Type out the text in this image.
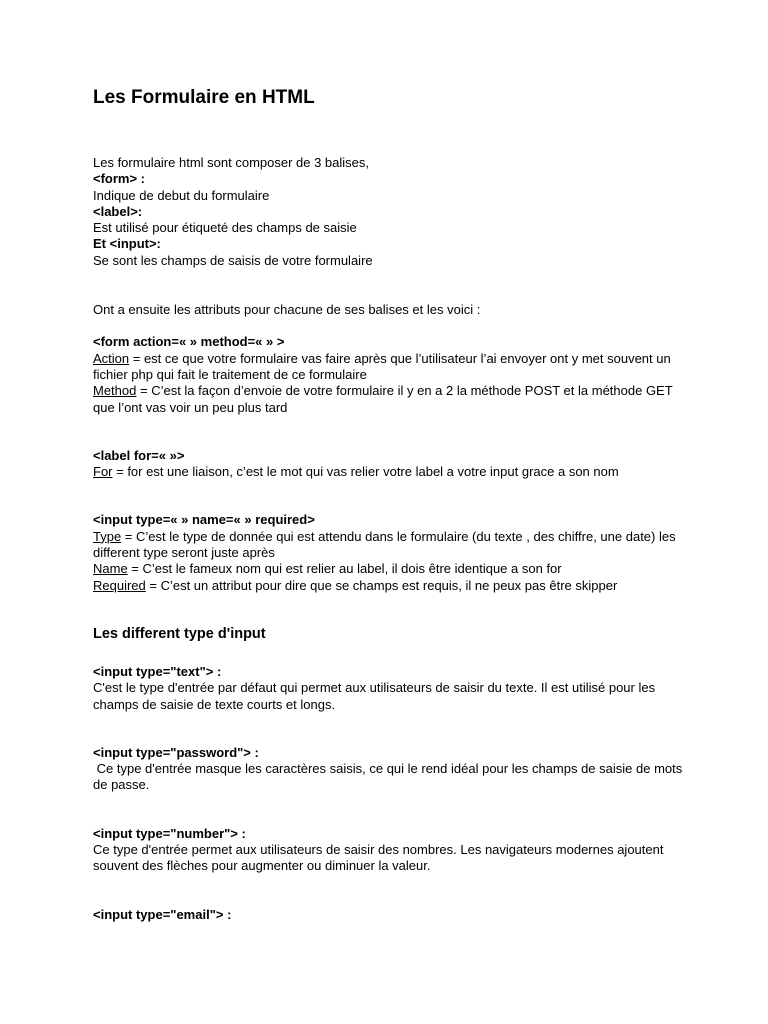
Les Formulaire en HTML

Les formulaire html sont composer de 3 balises,

<form> :

Indique de debut du formulaire

<label>:

Est utilisé pour étiqueté des champs de saisie

Et <input>:

Se sont les champs de saisis de votre formulaire

Ont a ensuite les attributs pour chacune de ses balises et les voici :

<form action=« » method=« » >

Action = est ce que votre formulaire vas faire après que l’utilisateur l’ai envoyer ont y met souvent un fichier php qui fait le traitement de ce formulaire

Method = C’est la façon d’envoie de votre formulaire il y en a 2 la méthode POST et la méthode GET que l’ont vas voir un peu plus tard

<label for=« »>

For = for est une liaison, c’est le mot qui vas relier votre label a votre input grace a son nom

<input type=« » name=« » required>

Type = C’est le type de donnée qui est attendu dans le formulaire (du texte , des chiffre, une date) les different type seront juste après

Name = C’est le fameux nom qui est relier au label, il dois être identique a son for

Required = C’est un attribut pour dire que se champs est requis, il ne peux pas être skipper

Les different type d'input

<input type="text"> :

C'est le type d'entrée par défaut qui permet aux utilisateurs de saisir du texte. Il est utilisé pour les champs de saisie de texte courts et longs.

<input type="password"> :

Ce type d'entrée masque les caractères saisis, ce qui le rend idéal pour les champs de saisie de mots de passe.

<input type="number"> :

Ce type d'entrée permet aux utilisateurs de saisir des nombres. Les navigateurs modernes ajoutent souvent des flèches pour augmenter ou diminuer la valeur.

<input type="email"> :
